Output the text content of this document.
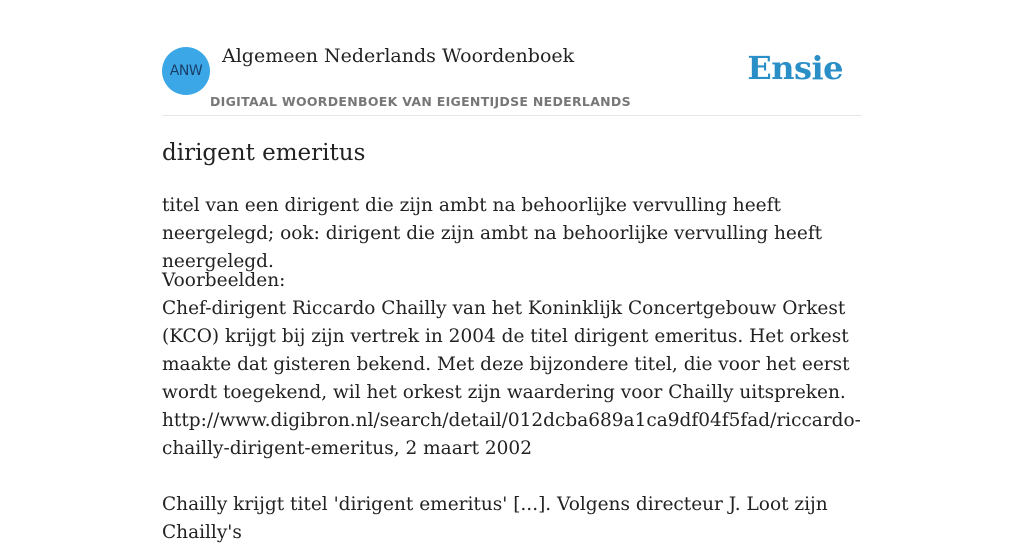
ANW
Algemeen Nederlands Woordenboek
DIGITAAL WOORDENBOEK VAN EIGENTIJDSE NEDERLANDS
Ensie
dirigent emeritus

titel van een dirigent die zijn ambt na behoorlijke vervulling heeft neergelegd; ook: dirigent die zijn ambt na behoorlijke vervulling heeft neergelegd.

Voorbeelden:
Chef-dirigent Riccardo Chailly van het Koninklijk Concertgebouw Orkest (KCO) krijgt bij zijn vertrek in 2004 de titel dirigent emeritus. Het orkest maakte dat gisteren bekend. Met deze bijzondere titel, die voor het eerst wordt toegekend, wil het orkest zijn waardering voor Chailly uitspreken.
http://www.digibron.nl/search/detail/012dcba689a1ca9df04f5fad/riccardo-chailly-dirigent-emeritus, 2 maart 2002
Chailly krijgt titel 'dirigent emeritus' [...]. Volgens directeur J. Loot zijn Chailly's
